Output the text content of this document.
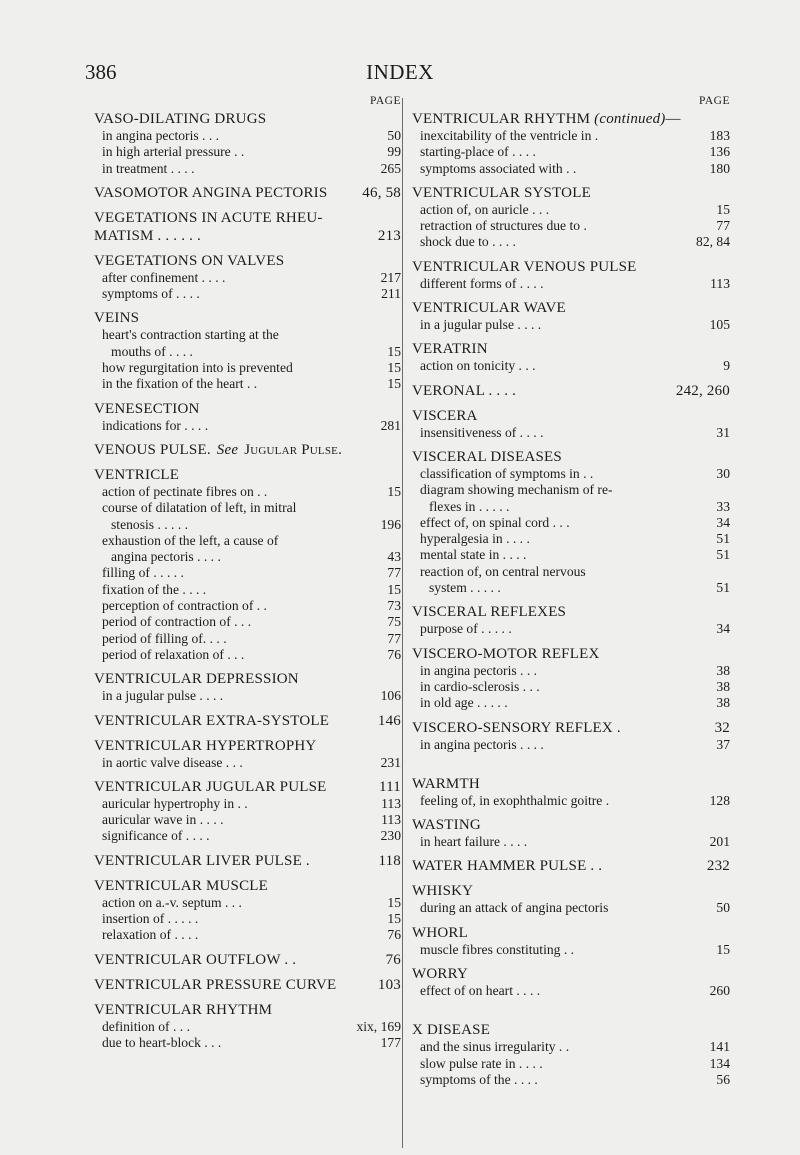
386	INDEX
PAGE
VASO-DILATING DRUGS
in angina pectoris . . .	50
in high arterial pressure . .	99
in treatment . . . .	265
VASOMOTOR ANGINA PECTORIS 46, 58
VEGETATIONS IN ACUTE RHEU-
MATISM . . . . . .	213
VEGETATIONS ON VALVES
after confinement . . . .	217
symptoms of . . . .	211
VEINS
heart's contraction starting at the
mouths of . . . .	15
how regurgitation into is prevented	15
in the fixation of the heart . .	15
VENESECTION
indications for . . . .	281
VENOUS PULSE. See Jugular Pulse.
VENTRICLE
action of pectinate fibres on . .	15
course of dilatation of left, in mitral
stenosis . . . . .	196
exhaustion of the left, a cause of
angina pectoris . . . .	43
filling of . . . . .	77
fixation of the . . . .	15
perception of contraction of . .	73
period of contraction of . . .	75
period of filling of. . . .	77
period of relaxation of . . .	76
VENTRICULAR DEPRESSION
in a jugular pulse . . . .	106
VENTRICULAR EXTRA-SYSTOLE	146
VENTRICULAR HYPERTROPHY
in aortic valve disease . . .	231
VENTRICULAR JUGULAR PULSE	111
auricular hypertrophy in . .	113
auricular wave in . . . .	113
significance of . . . .	230
VENTRICULAR LIVER PULSE .	118
VENTRICULAR MUSCLE
action on a.-v. septum . . .	15
insertion of . . . . .	15
relaxation of . . . .	76
VENTRICULAR OUTFLOW . .	76
VENTRICULAR PRESSURE CURVE	103
VENTRICULAR RHYTHM
definition of . . .	xix, 169
due to heart-block . . .	177
PAGE
VENTRICULAR RHYTHM (continued)—
inexcitability of the ventricle in .	183
starting-place of . . . .	136
symptoms associated with . .	180
VENTRICULAR SYSTOLE
action of, on auricle . . .	15
retraction of structures due to .	77
shock due to . . . .	82, 84
VENTRICULAR VENOUS PULSE
different forms of . . . .	113
VENTRICULAR WAVE
in a jugular pulse . . . .	105
VERATRIN
action on tonicity . . .	9
VERONAL . . . .	242, 260
VISCERA
insensitiveness of . . . .	31
VISCERAL DISEASES
classification of symptoms in . .	30
diagram showing mechanism of re-
flexes in . . . . .	33
effect of, on spinal cord . . .	34
hyperalgesia in . . . .	51
mental state in . . . .	51
reaction of, on central nervous
system . . . . .	51
VISCERAL REFLEXES
purpose of . . . . .	34
VISCERO-MOTOR REFLEX
in angina pectoris . . .	38
in cardio-sclerosis . . .	38
in old age . . . . .	38
VISCERO-SENSORY REFLEX .	32
in angina pectoris . . . .	37
WARMTH
feeling of, in exophthalmic goitre .	128
WASTING
in heart failure . . . .	201
WATER HAMMER PULSE . .	232
WHISKY
during an attack of angina pectoris	50
WHORL
muscle fibres constituting . .	15
WORRY
effect of on heart . . . .	260
X DISEASE
and the sinus irregularity . .	141
slow pulse rate in . . . .	134
symptoms of the . . . .	56
